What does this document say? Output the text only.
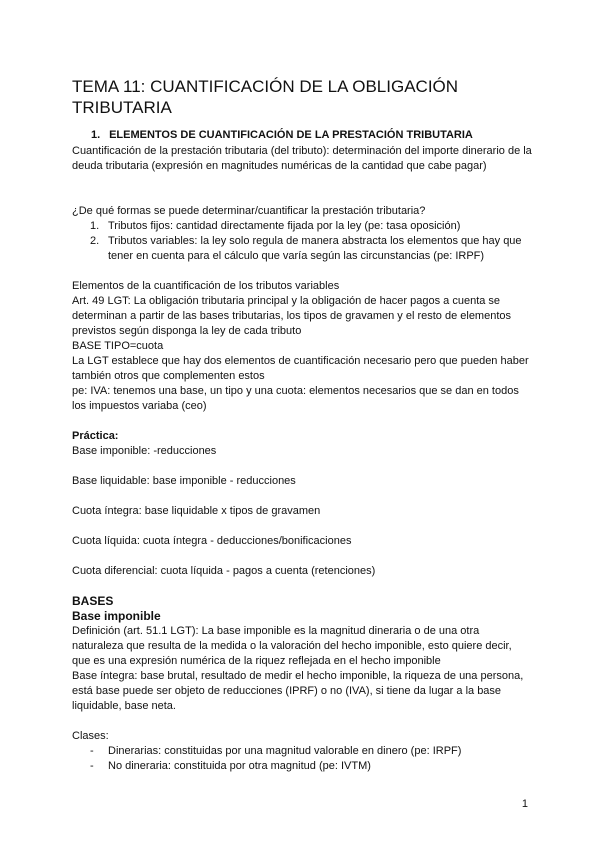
TEMA 11: CUANTIFICACIÓN DE LA OBLIGACIÓN TRIBUTARIA
1. ELEMENTOS DE CUANTIFICACIÓN DE LA PRESTACIÓN TRIBUTARIA

Cuantificación de la prestación tributaria (del tributo): determinación del importe dinerario de la deuda tributaria (expresión en magnitudes numéricas de la cantidad que cabe pagar)

¿De qué formas se puede determinar/cuantificar la prestación tributaria?

1. Tributos fijos: cantidad directamente fijada por la ley (pe: tasa oposición)
2. Tributos variables: la ley solo regula de manera abstracta los elementos que hay que tener en cuenta para el cálculo que varía según las circunstancias (pe: IRPF)

Elementos de la cuantificación de los tributos variables

Art. 49 LGT: La obligación tributaria principal y la obligación de hacer pagos a cuenta se determinan a partir de las bases tributarias, los tipos de gravamen y el resto de elementos previstos según disponga la ley de cada tributo

BASE TIPO=cuota

La LGT establece que hay dos elementos de cuantificación necesario pero que pueden haber también otros que complementen estos

pe: IVA: tenemos una base, un tipo y una cuota: elementos necesarios que se dan en todos los impuestos variaba (ceo)

Práctica:

Base imponible: -reducciones

Base liquidable: base imponible - reducciones

Cuota íntegra: base liquidable x tipos de gravamen

Cuota líquida: cuota íntegra - deducciones/bonificaciones

Cuota diferencial: cuota líquida - pagos a cuenta (retenciones)

BASES

Base imponible

Definición (art. 51.1 LGT): La base imponible es la magnitud dineraria o de una otra naturaleza que resulta de la medida o la valoración del hecho imponible, esto quiere decir, que es una expresión numérica de la riquez reflejada en el hecho imponible

Base íntegra: base brutal, resultado de medir el hecho imponible, la riqueza de una persona, está base puede ser objeto de reducciones (IPRF) o no (IVA), si tiene da lugar a la base liquidable, base neta.

Clases:

- Dinerarias: constituidas por una magnitud valorable en dinero (pe: IRPF)
- No dineraria: constituida por otra magnitud (pe: IVTM)
1
